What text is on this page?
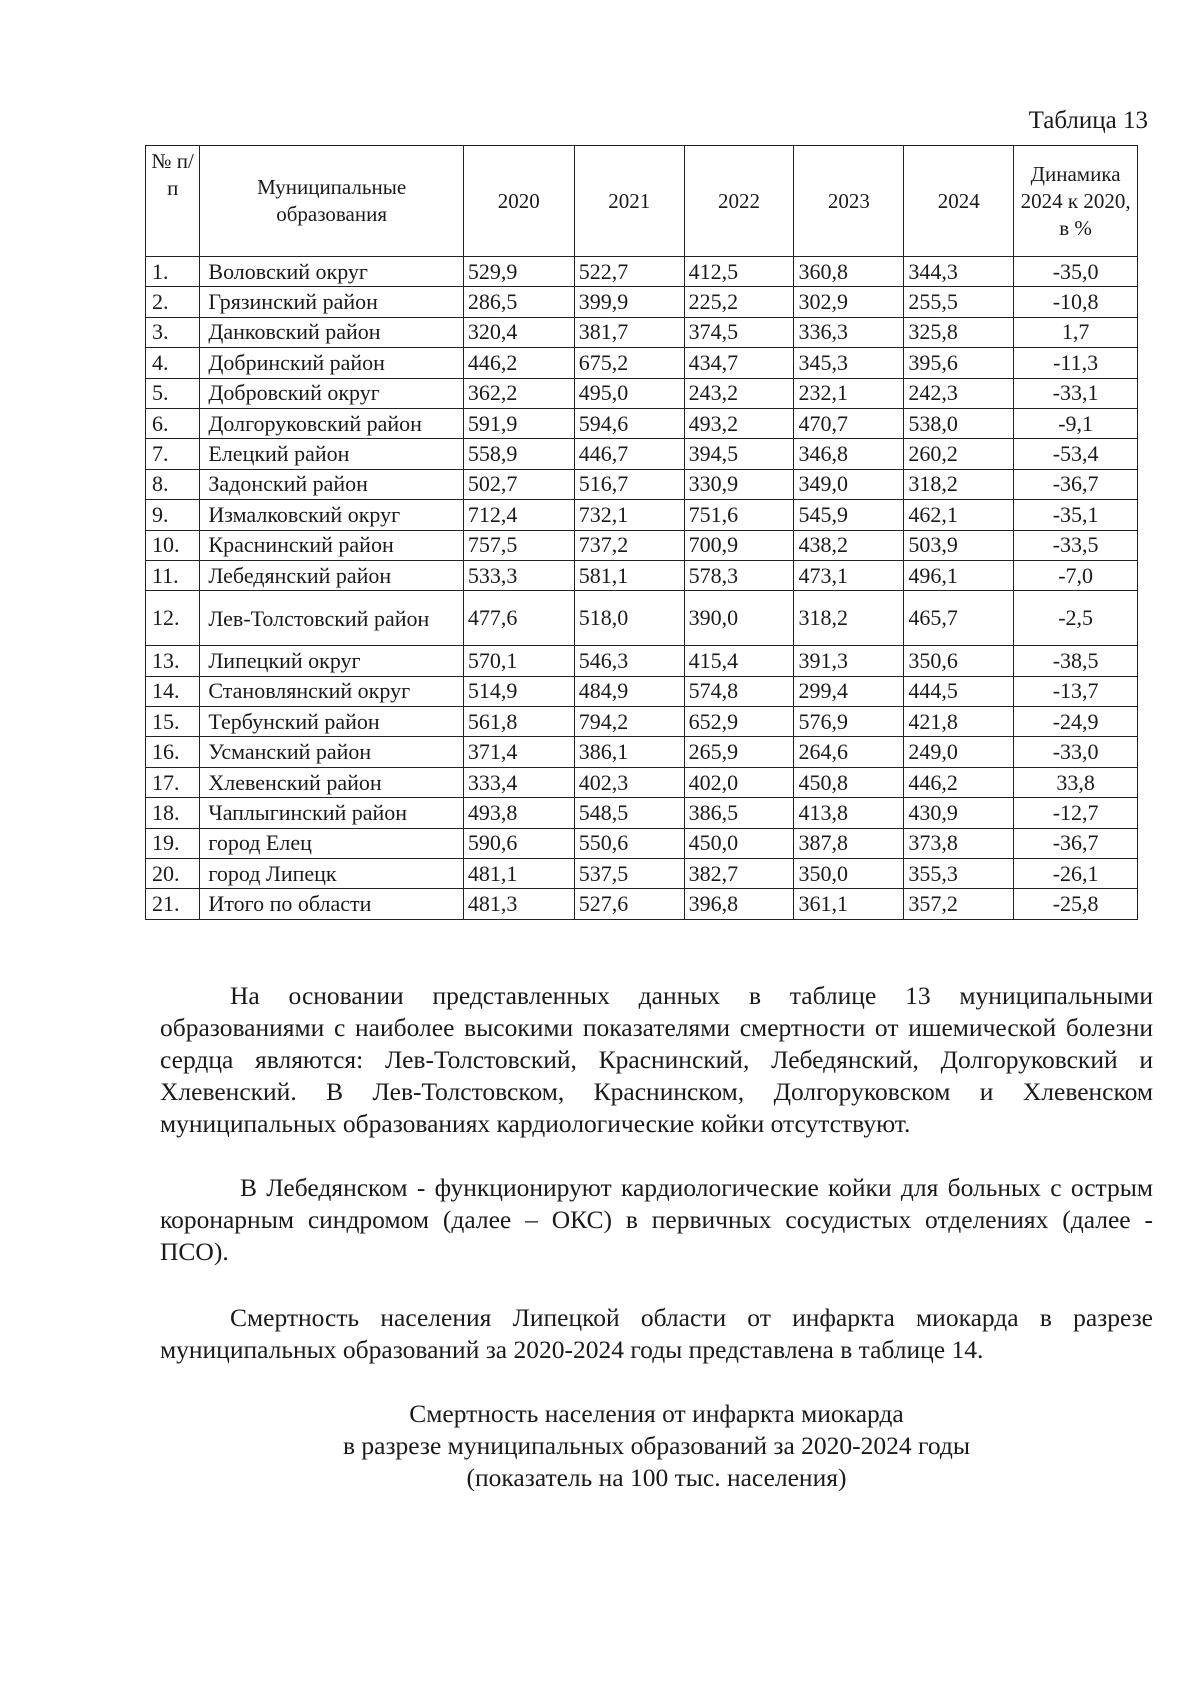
Таблица 13
№ п/п	Муниципальные образования	2020	2021	2022	2023	2024	Динамика 2024 к 2020, в %
1.	Воловский округ	529,9	522,7	412,5	360,8	344,3	-35,0
2.	Грязинский район	286,5	399,9	225,2	302,9	255,5	-10,8
3.	Данковский район	320,4	381,7	374,5	336,3	325,8	1,7
4.	Добринский район	446,2	675,2	434,7	345,3	395,6	-11,3
5.	Добровский округ	362,2	495,0	243,2	232,1	242,3	-33,1
6.	Долгоруковский район	591,9	594,6	493,2	470,7	538,0	-9,1
7.	Елецкий район	558,9	446,7	394,5	346,8	260,2	-53,4
8.	Задонский район	502,7	516,7	330,9	349,0	318,2	-36,7
9.	Измалковский округ	712,4	732,1	751,6	545,9	462,1	-35,1
10.	Краснинский район	757,5	737,2	700,9	438,2	503,9	-33,5
11.	Лебедянский район	533,3	581,1	578,3	473,1	496,1	-7,0
12.	Лев-Толстовский район	477,6	518,0	390,0	318,2	465,7	-2,5
13.	Липецкий округ	570,1	546,3	415,4	391,3	350,6	-38,5
14.	Становлянский округ	514,9	484,9	574,8	299,4	444,5	-13,7
15.	Тербунский район	561,8	794,2	652,9	576,9	421,8	-24,9
16.	Усманский район	371,4	386,1	265,9	264,6	249,0	-33,0
17.	Хлевенский район	333,4	402,3	402,0	450,8	446,2	33,8
18.	Чаплыгинский район	493,8	548,5	386,5	413,8	430,9	-12,7
19.	город Елец	590,6	550,6	450,0	387,8	373,8	-36,7
20.	город Липецк	481,1	537,5	382,7	350,0	355,3	-26,1
21.	Итого по области	481,3	527,6	396,8	361,1	357,2	-25,8

На основании представленных данных в таблице 13 муниципальными образованиями с наиболее высокими показателями смертности от ишемической болезни сердца являются: Лев-Толстовский, Краснинский, Лебедянский, Долгоруковский и Хлевенский. В Лев-Толстовском, Краснинском, Долгоруковском и Хлевенском муниципальных образованиях кардиологические койки отсутствуют.

В Лебедянском - функционируют кардиологические койки для больных с острым коронарным синдромом (далее – ОКС) в первичных сосудистых отделениях (далее - ПСО).

Смертность населения Липецкой области от инфаркта миокарда в разрезе муниципальных образований за 2020-2024 годы представлена в таблице 14.

Смертность населения от инфаркта миокарда
в разрезе муниципальных образований за 2020-2024 годы
(показатель на 100 тыс. населения)
